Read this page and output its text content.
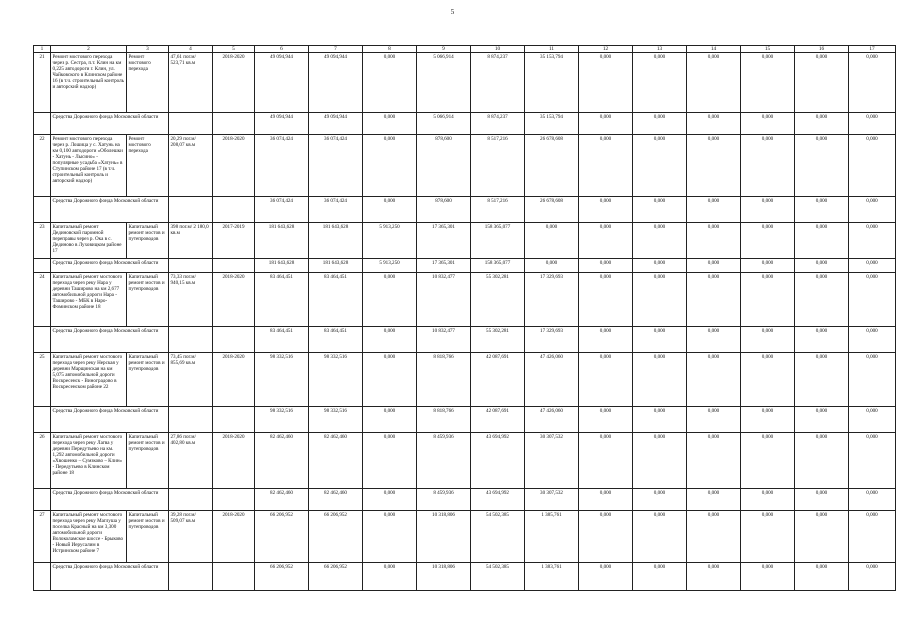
5
1	2	3	4	5	6	7	8	9	10	11	12	13	14	15	16	17
21	Ремонт мостового перехода через р. Сестра, п.т. Клин на км 0,225 автодороги г. Клин, ул. Чайковского в Клинском районе 16 (в т.ч. строительный контроль и авторский надзор)	Ремонт мостового перехода	47,61 пог.м/ 523,71 кв.м	2018-2020	49 094,944	49 094,944	0,000	5 066,914	8 874,237	35 153,794	0,000	0,000	0,000	0,000	0,000	0,000
	Средства Дорожного фонда Московской области				49 094,944	49 094,944	0,000	5 066,914	8 874,237	35 153,794	0,000	0,000	0,000	0,000	0,000	0,000
22	Ремонт мостового перехода через р. Лошица у с. Хатунь на км 0,100 автодороги «Оболешки - Хатунь - Лысино» - популярные усадьба «Хатунь» в Ступинском районе 17 (в т.ч. строительный контроль и авторский надзор)	Ремонт мостового перехода	20,29 пог.м/ 208,07 кв.м	2018-2020	36 074,424	36 074,424	0,000	878,600	8 517,216	26 678,608	0,000	0,000	0,000	0,000	0,000	0,000
	Средства Дорожного фонда Московской области				36 074,424	36 074,424	0,000	878,600	8 517,216	26 678,608	0,000	0,000	0,000	0,000	0,000	0,000
23	Капитальный ремонт Дединовской паромной переправы через р. Ока в с. Дединово в Луховицком районе 17	Капитальный ремонт мостов и путепроводов	398 пог.м/ 2 180,0 кв.м	2017-2019	181 643,628	181 643,628	5 913,250	17 365,301	158 365,077	0,000	0,000	0,000	0,000	0,000	0,000	0,000
	Средства Дорожного фонда Московской области				181 643,628	181 643,628	5 913,250	17 365,301	158 365,077	0,000	0,000	0,000	0,000	0,000	0,000	0,000
24	Капитальный ремонт мостового перехода через реку Нара у деревни Таширово на км 2,677 автомобильной дороги Нара - Таширово - МБК в Наро-Фоминском районе 18	Капитальный ремонт мостов и путепроводов	73,33 пог.м/ 940,15 кв.м	2018-2020	83 464,451	83 464,451	0,000	10 832,477	55 302,281	17 329,693	0,000	0,000	0,000	0,000	0,000	0,000
	Средства Дорожного фонда Московской области				83 464,451	83 464,451	0,000	10 832,477	55 302,281	17 329,693	0,000	0,000	0,000	0,000	0,000	0,000
25	Капитальный ремонт мостового перехода через реку Нерская у деревни Марщинская на км 5,075 автомобильной дороги Воскресенск - Виноградово в Воскресенском районе 22	Капитальный ремонт мостов и путепроводов	73,45 пог.м/ 855,69 кв.м	2018-2020	98 332,516	98 332,516	0,000	8 818,766	42 087,691	47 426,060	0,000	0,000	0,000	0,000	0,000	0,000
	Средства Дорожного фонда Московской области				98 332,516	98 332,516	0,000	8 818,766	42 087,691	47 426,060	0,000	0,000	0,000	0,000	0,000	0,000
26	Капитальный ремонт мостового перехода через реку Лагва у деревни Передутьево на км. 1,292 автомобильной дороги «Хвошенко – Сумзково – Клин» - Передутьево в Клинском районе 18	Капитальный ремонт мостов и путепроводов	27,86 пог.м/ 402,80 кв.м	2018-2020	82 462,460	82 462,460	0,000	8 459,936	43 694,992	30 307,532	0,000	0,000	0,000	0,000	0,000	0,000
	Средства Дорожного фонда Московской области				82 462,460	82 462,460	0,000	8 459,936	43 694,992	30 307,532	0,000	0,000	0,000	0,000	0,000	0,000
27	Капитальный ремонт мостового перехода через реку Маглуша у поселка Красный на км 3,300 автомобильной дороги Волоколамское шоссе - Брыково - Новый Иерусалим в Истринском районе 7	Капитальный ремонт мостов и путепроводов	39,28 пог.м/ 509,07 кв.м	2018-2020	66 206,952	66 206,952	0,000	10 318,806	54 502,385	1 385,761	0,000	0,000	0,000	0,000	0,000	0,000
	Средства Дорожного фонда Московской области				66 206,952	66 206,952	0,000	10 318,806	54 502,385	1 383,761	0,000	0,000	0,000	0,000	0,000	0,000
